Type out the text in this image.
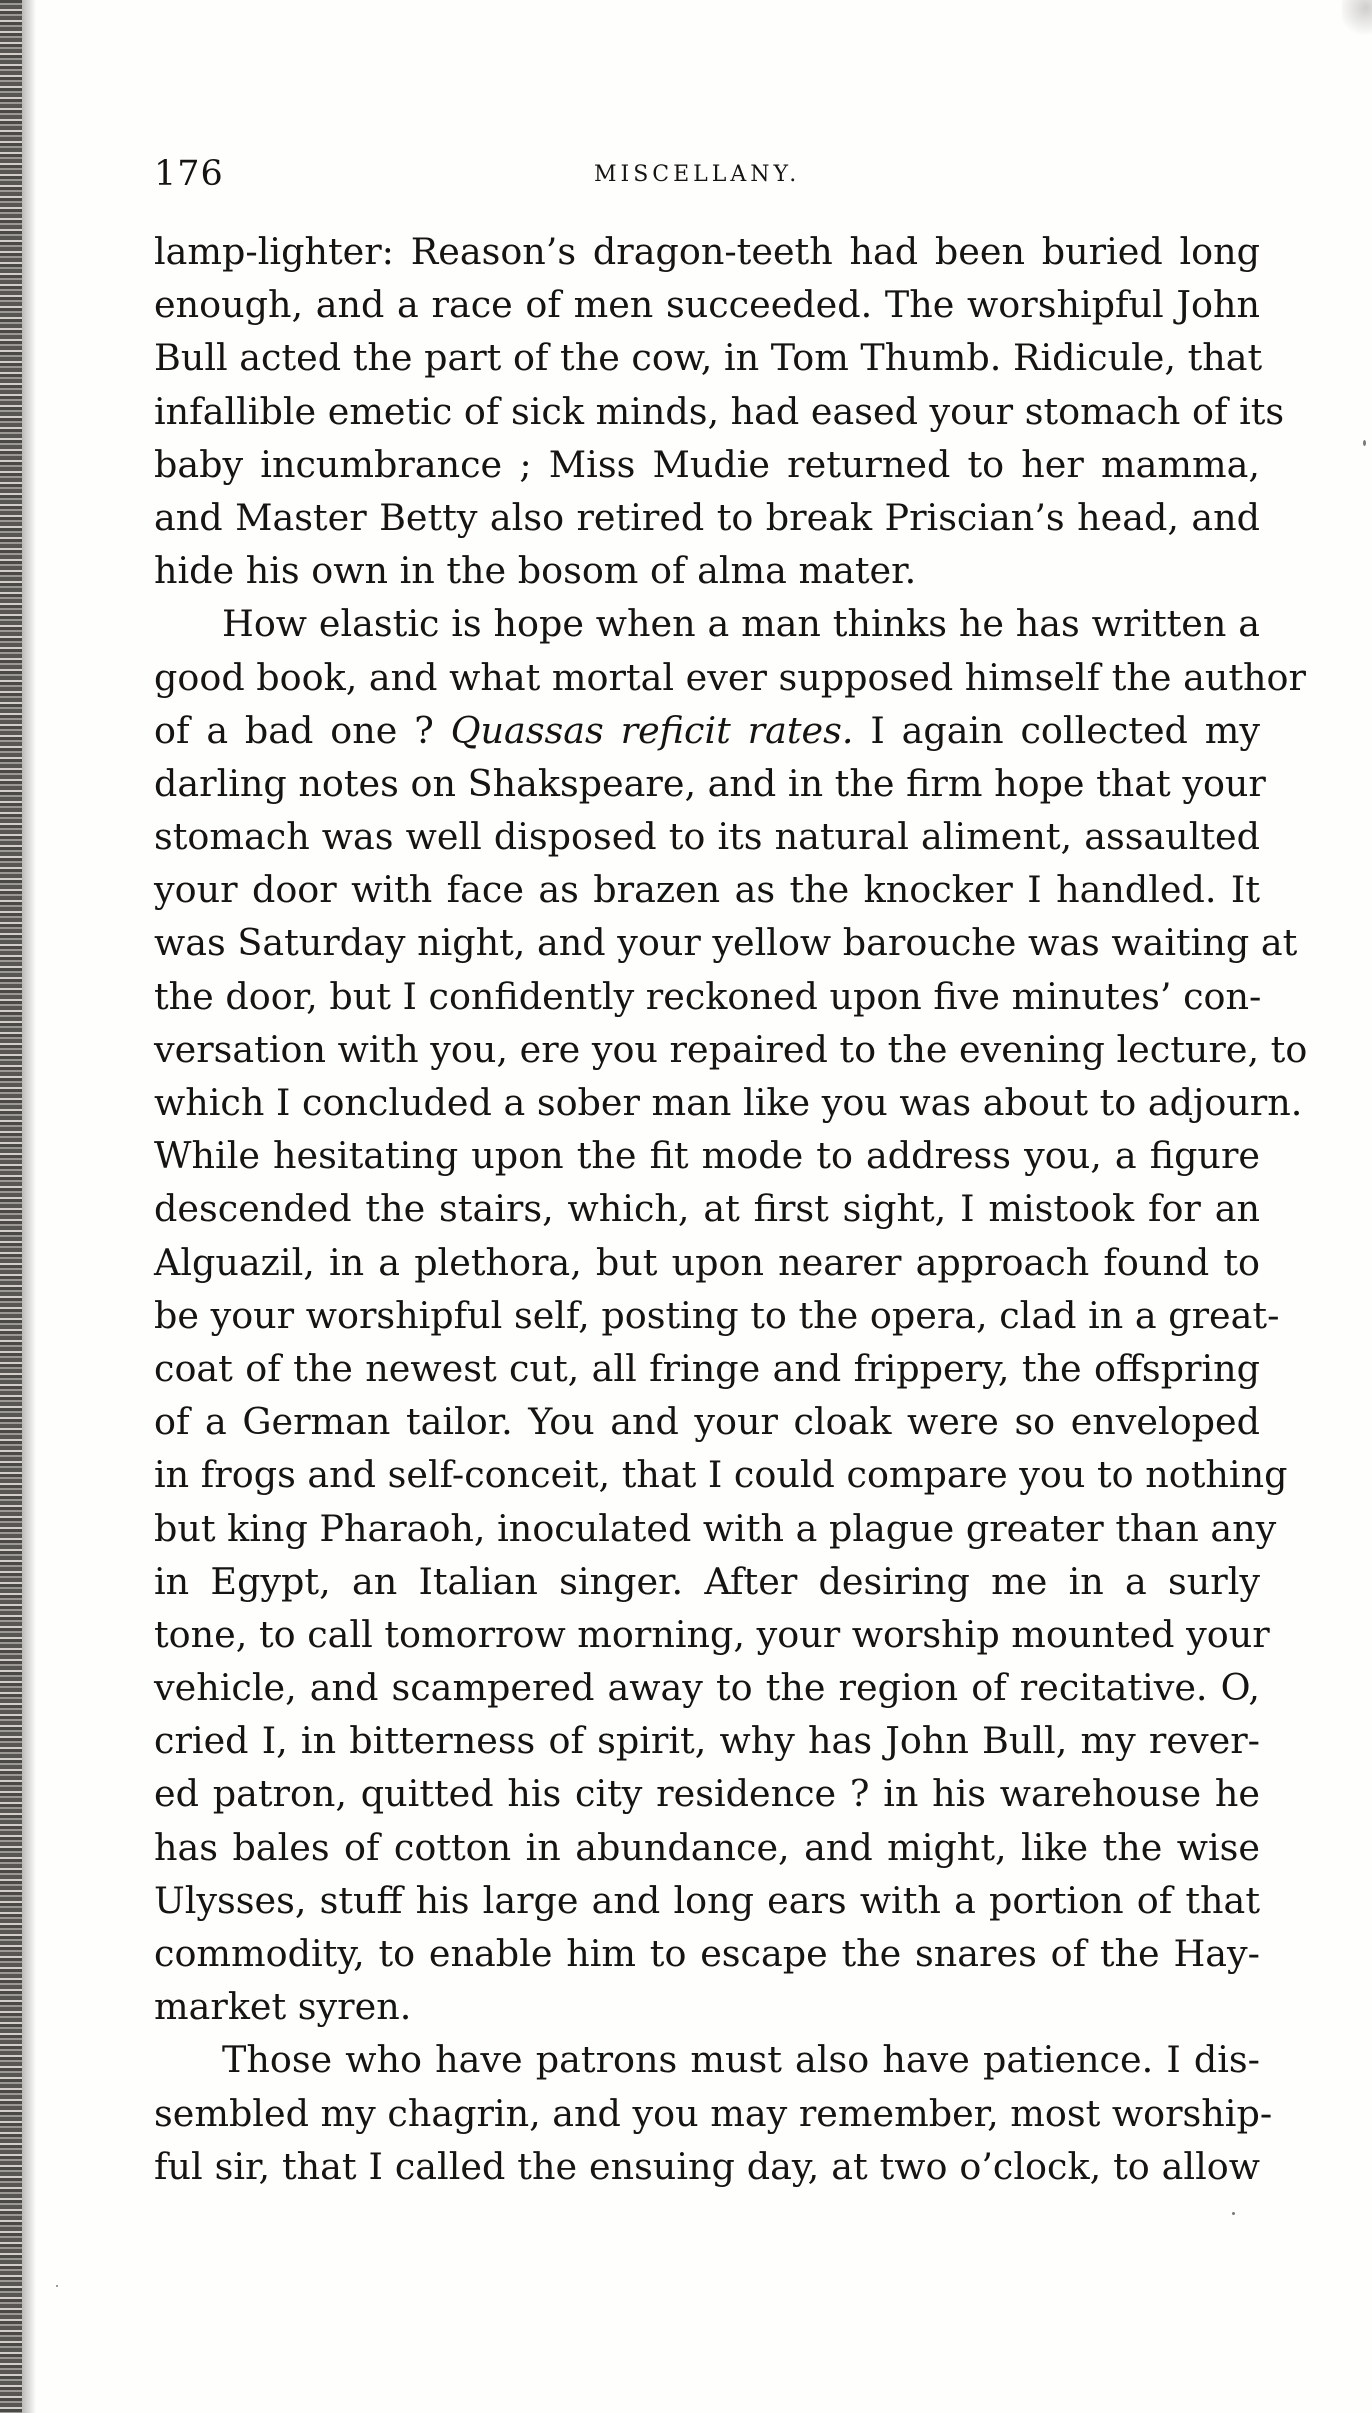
176	MISCELLANY.
lamp-lighter: Reason’s dragon-teeth had been buried long
enough, and a race of men succeeded. The worshipful John
Bull acted the part of the cow, in Tom Thumb. Ridicule, that
infallible emetic of sick minds, had eased your stomach of its
baby incumbrance ; Miss Mudie returned to her mamma,
and Master Betty also retired to break Priscian’s head, and
hide his own in the bosom of alma mater.
How elastic is hope when a man thinks he has written a
good book, and what mortal ever supposed himself the author
of a bad one ? Quassas reficit rates. I again collected my
darling notes on Shakspeare, and in the firm hope that your
stomach was well disposed to its natural aliment, assaulted
your door with face as brazen as the knocker I handled. It
was Saturday night, and your yellow barouche was waiting at
the door, but I confidently reckoned upon five minutes’ con-
versation with you, ere you repaired to the evening lecture, to
which I concluded a sober man like you was about to adjourn.
While hesitating upon the fit mode to address you, a figure
descended the stairs, which, at first sight, I mistook for an
Alguazil, in a plethora, but upon nearer approach found to
be your worshipful self, posting to the opera, clad in a great-
coat of the newest cut, all fringe and frippery, the offspring
of a German tailor. You and your cloak were so enveloped
in frogs and self-conceit, that I could compare you to nothing
but king Pharaoh, inoculated with a plague greater than any
in Egypt, an Italian singer. After desiring me in a surly
tone, to call tomorrow morning, your worship mounted your
vehicle, and scampered away to the region of recitative. O,
cried I, in bitterness of spirit, why has John Bull, my rever-
ed patron, quitted his city residence ? in his warehouse he
has bales of cotton in abundance, and might, like the wise
Ulysses, stuff his large and long ears with a portion of that
commodity, to enable him to escape the snares of the Hay-
market syren.
Those who have patrons must also have patience. I dis-
sembled my chagrin, and you may remember, most worship-
ful sir, that I called the ensuing day, at two o’clock, to allow
